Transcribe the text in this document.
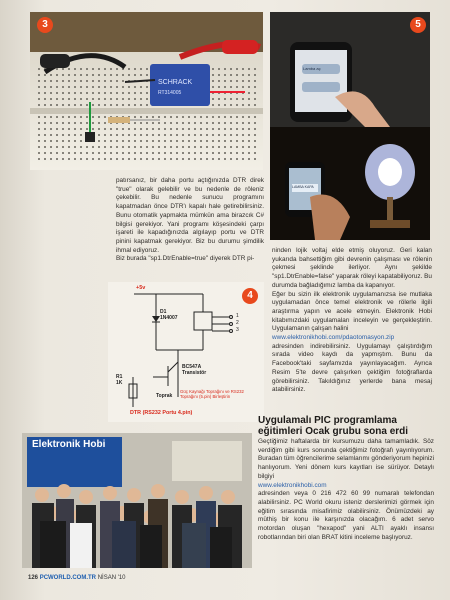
SCHRACK
RT314005
3
Lamba aç
LAMBA KAPA
5

patırsanız, bir daha portu açtığınızda DTR direk "true" olarak gelebilir ve bu nedenle de röleniz çekebilir. Bu nedenle sunucu programını kapatmadan önce DTR'ı kapalı hale getirebilirsiniz. Bunu otomatik yapmakta mümkün ama birazcık C# bilgisi gerekiyor. Yani programı köşesindeki çarpı işareti ile kapadığınızda algılayıp portu ve DTR pinini kapatmak gerekiyor. Biz bu durumu şimdilik ihmal ediyoruz.

Biz burada "sp1.DtrEnable=true" diyerek DTR pi-

+5v
D1
1N4007
BC547A
Transistör
R1
1K
Toprak
Güç Kaynağı Toprağını ve RS232 Toprağını (5.pin) Birleştirin
DTR (RS232 Portu 4.pin)
1
2
3
4

ninden lojik voltaj elde etmiş oluyoruz. Geri kalan yukarıda bahsettiğim gibi devrenin çalışması ve rölenin çekmesi şeklinde ilerliyor. Aynı şekilde "sp1.DtrEnable=false" yaparak röleyi kapatabiliyoruz. Bu durumda bağladığımız lamba da kapanıyor.

Eğer bu sizin ilk elektronik uygulamanızsa ise mutlaka uygulamadan önce temel elektronik ve rölerle ilgili araştırma yapın ve acele etmeyin. Elektronik Hobi kitabımızdaki uygulamaları inceleyin ve gerçekleştirin. Uygulamanın çalışan halini

www.elektronikhobi.com/pdaotomasyon.zip

adresinden indirebilirsiniz. Uygulamayı çalıştırdığım sırada video kaydı da yapmıştım. Bunu da Facebook'taki sayfamızda yayınlayacağım. Ayrıca Resim 5'te devre çalışırken çektiğim fotoğraflarda görebilirsiniz. Takıldığınız yerlerde bana mesaj atabilirsiniz.

Uygulamalı PIC programlama eğitimleri Ocak grubu sona erdi

Geçtiğimiz haftalarda bir kursumuzu daha tamamladık. Söz verdiğim gibi kurs sonunda çektiğimiz fotoğrafı yayınlıyorum. Buradan tüm öğrencilerime selamlarımı gönderiyorum hepinizi hanlıyorum. Yeni dönem kurs kayıtları ise sürüyor. Detaylı bilgiyi

www.elektronikhobi.com

adresinden veya 0 216 472 60 99 numaralı telefondan alabilirsiniz. PC World okuru isteniz derslerimizi görmek için eğitim sırasında misafirimiz olabilirsiniz. Önümüzdeki ay müthiş bir konu ile karşınızda olacağım. 6 adet servo motordan oluşan "hexapod" yani ALTI ayaklı insansı robotlarından biri olan BRAT kitini inceleme başlıyoruz.

Elektronik Hobi
126 PCWORLD.COM.TR NİSAN '10
